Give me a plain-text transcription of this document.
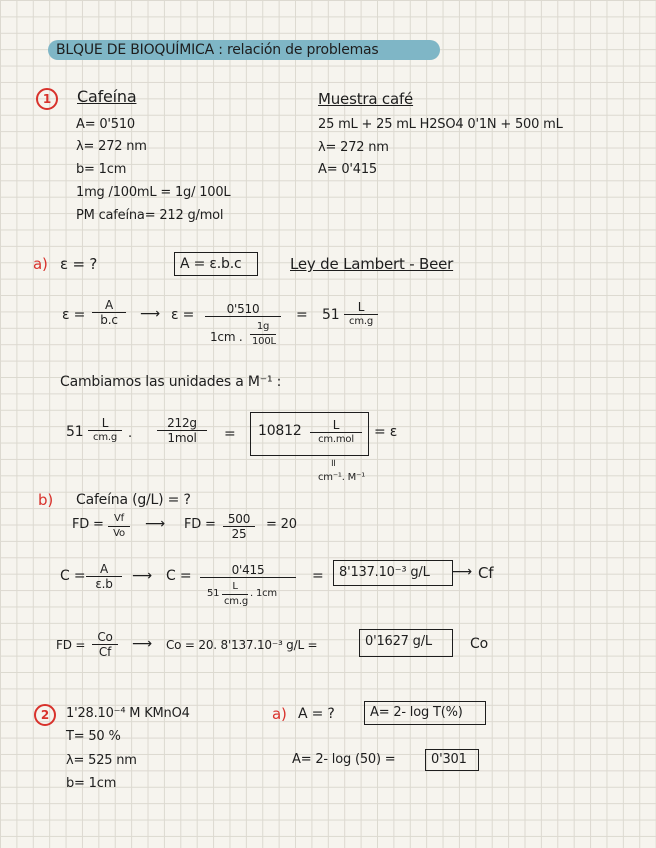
BLQUE DE BIOQUÍMICA : relación de problemas
1	Cafeína
A= 0'510
λ= 272 nm
b= 1cm
1mg /100mL = 1g/ 100L
PM cafeína= 212 g/mol
Muestra café
25 mL + 25 mL H2SO4 0'1N + 500 mL
λ= 272 nm
A= 0'415
a) ε = ?	A = ε.b.c	Ley de Lambert - Beer
$\varepsilon = \frac{A}{b.c}$ ⟶ ε =	0'510
1cm . $\frac{1g}{100L}$
= 51	L
cm.g
Cambiamos las unidades a M⁻¹ :
51
L
cm.g .
212g
1mol	= 10812	L
cm.mol	= ε
॥
cm⁻¹. M⁻¹
b) Cafeína (g/L) = ?
FD = $\frac{Vf}{Vo}$ ⟶ FD = $\frac{500}{25} = 20$
$C = \frac{A}{\varepsilon.b}$ ⟶ C =	0'415
$51 \frac{L}{cm.g}$ . 1cm
= 8'137.10⁻³ g/L ⟶ Cf
FD = $\frac{Co}{Cf}$ ⟶ Co = 20. 8'137.10⁻³ g/L =	0'1627 g/L	Co
2	1'28.10⁻⁴ M KMnO4
T= 50 %
λ= 525 nm
b= 1cm
a) A = ?	A= 2- log T(%)
A= 2- log (50) =	0'301
